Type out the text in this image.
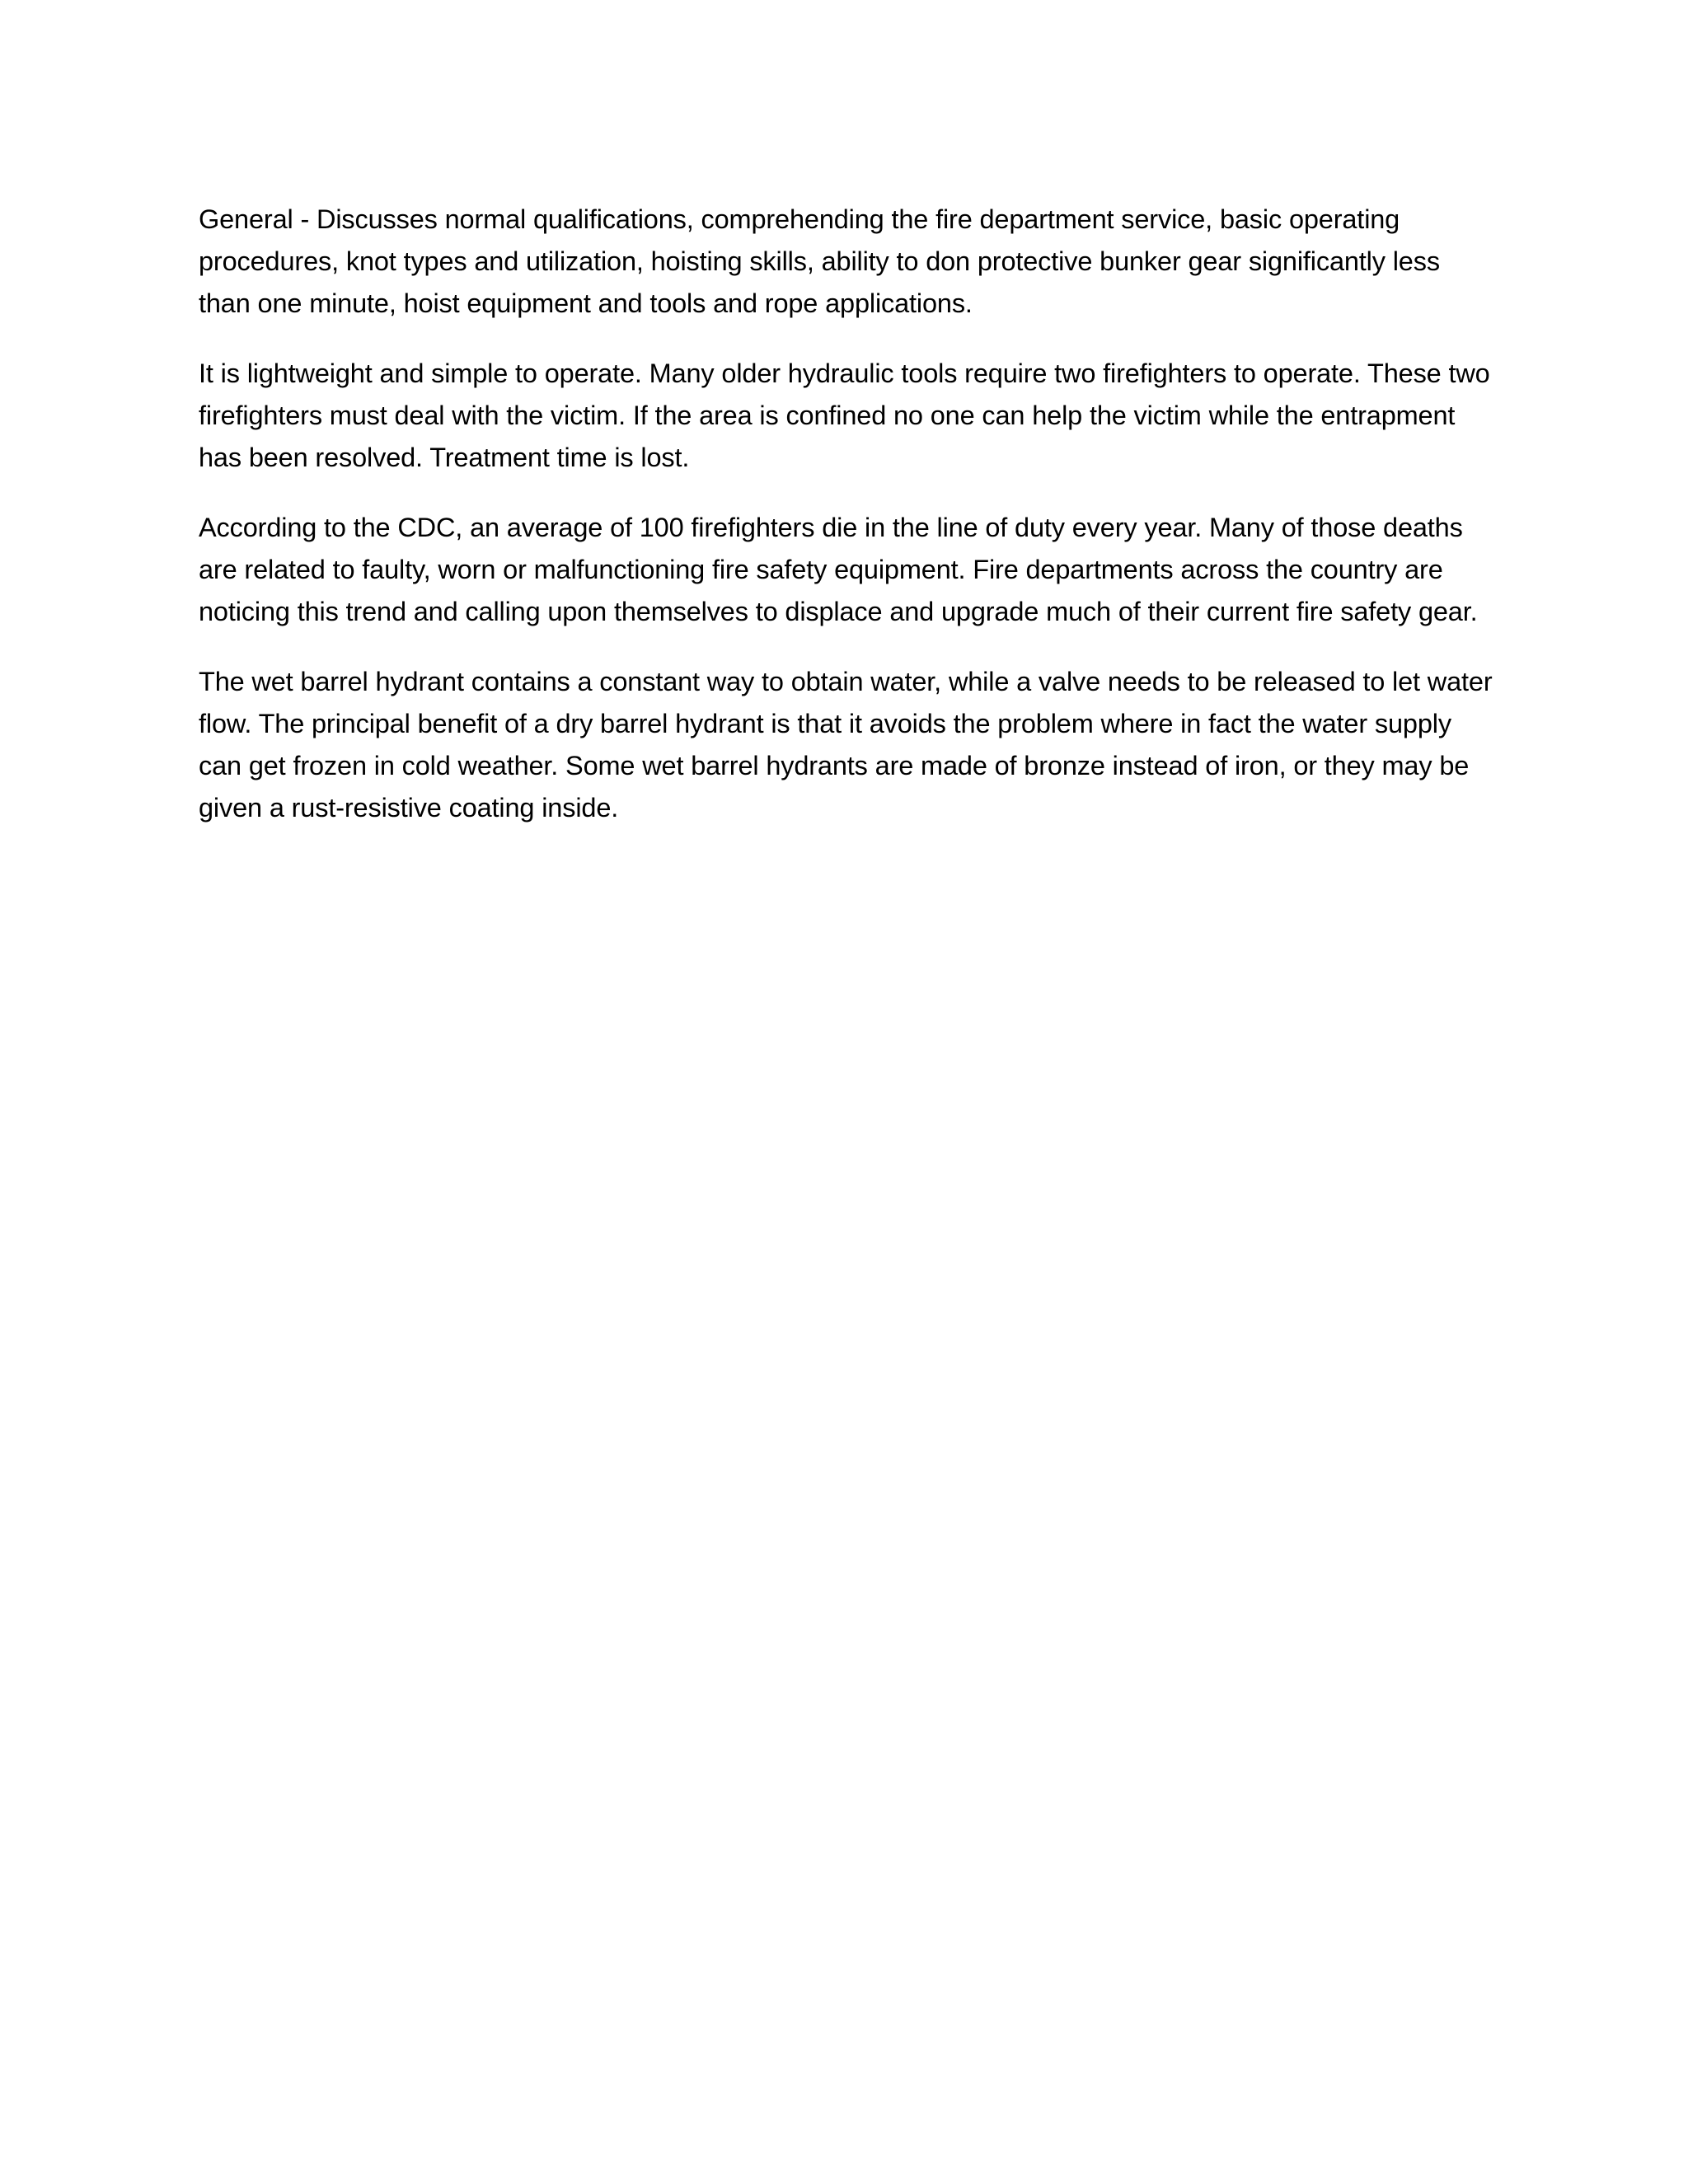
General - Discusses normal qualifications, comprehending the fire department service, basic operating procedures, knot types and utilization, hoisting skills, ability to don protective bunker gear significantly less than one minute, hoist equipment and tools and rope applications.

It is lightweight and simple to operate. Many older hydraulic tools require two firefighters to operate. These two firefighters must deal with the victim. If the area is confined no one can help the victim while the entrapment has been resolved. Treatment time is lost.

According to the CDC, an average of 100 firefighters die in the line of duty every year. Many of those deaths are related to faulty, worn or malfunctioning fire safety equipment. Fire departments across the country are noticing this trend and calling upon themselves to displace and upgrade much of their current fire safety gear.

The wet barrel hydrant contains a constant way to obtain water, while a valve needs to be released to let water flow. The principal benefit of a dry barrel hydrant is that it avoids the problem where in fact the water supply can get frozen in cold weather. Some wet barrel hydrants are made of bronze instead of iron, or they may be given a rust-resistive coating inside.
